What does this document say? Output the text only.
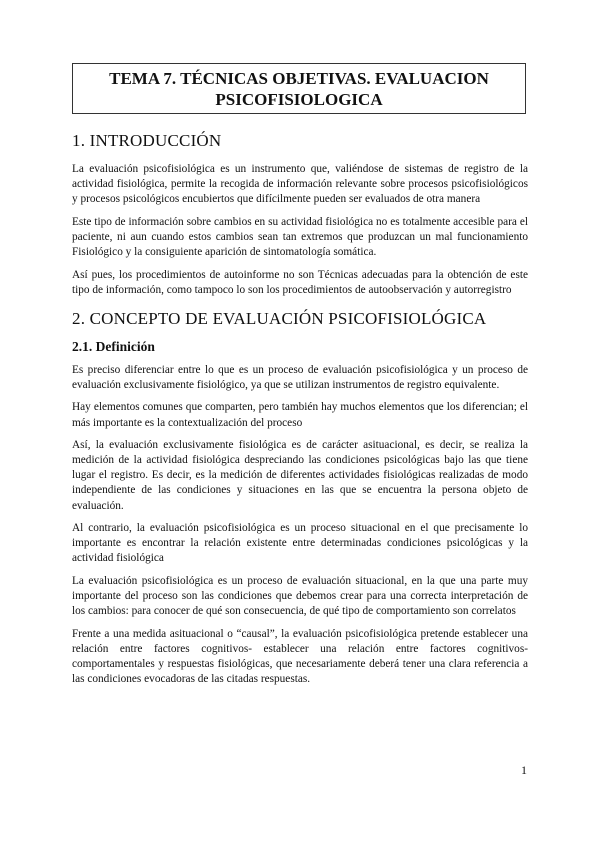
TEMA 7. TÉCNICAS OBJETIVAS. EVALUACION PSICOFISIOLOGICA
1. INTRODUCCIÓN

La evaluación psicofisiológica es un instrumento que, valiéndose de sistemas de registro de la actividad fisiológica, permite la recogida de información relevante sobre procesos psicofisiológicos y procesos psicológicos encubiertos que difícilmente pueden ser evaluados de otra manera

Este tipo de información sobre cambios en su actividad fisiológica no es totalmente accesible para el paciente, ni aun cuando estos cambios sean tan extremos que produzcan un mal funcionamiento Fisiológico y la consiguiente aparición de sintomatología somática.

Así pues, los procedimientos de autoinforme no son Técnicas adecuadas para la obtención de este tipo de información, como tampoco lo son los procedimientos de autoobservación y autorregistro

2. CONCEPTO DE EVALUACIÓN PSICOFISIOLÓGICA
2.1. Definición

Es preciso diferenciar entre lo que es un proceso de evaluación psicofisiológica y un proceso de evaluación exclusivamente fisiológico, ya que se utilizan instrumentos de registro equivalente.

Hay elementos comunes que comparten, pero también hay muchos elementos que los diferencian; el más importante es la contextualización del proceso

Así, la evaluación exclusivamente fisiológica es de carácter asituacional, es decir, se realiza la medición de la actividad fisiológica despreciando las condiciones psicológicas bajo las que tiene lugar el registro. Es decir, es la medición de diferentes actividades fisiológicas realizadas de modo independiente de las condiciones y situaciones en las que se encuentra la persona objeto de evaluación.

Al contrario, la evaluación psicofisiológica es un proceso situacional en el que precisamente lo importante es encontrar la relación existente entre determinadas condiciones psicológicas y la actividad fisiológica

La evaluación psicofisiológica es un proceso de evaluación situacional, en la que una parte muy importante del proceso son las condiciones que debemos crear para una correcta interpretación de los cambios: para conocer de qué son consecuencia, de qué tipo de comportamiento son correlatos

Frente a una medida asituacional o “causal”, la evaluación psicofisiológica pretende establecer una relación entre factores cognitivos- establecer una relación entre factores cognitivos-comportamentales y respuestas fisiológicas, que necesariamente deberá tener una clara referencia a las condiciones evocadoras de las citadas respuestas.

1
